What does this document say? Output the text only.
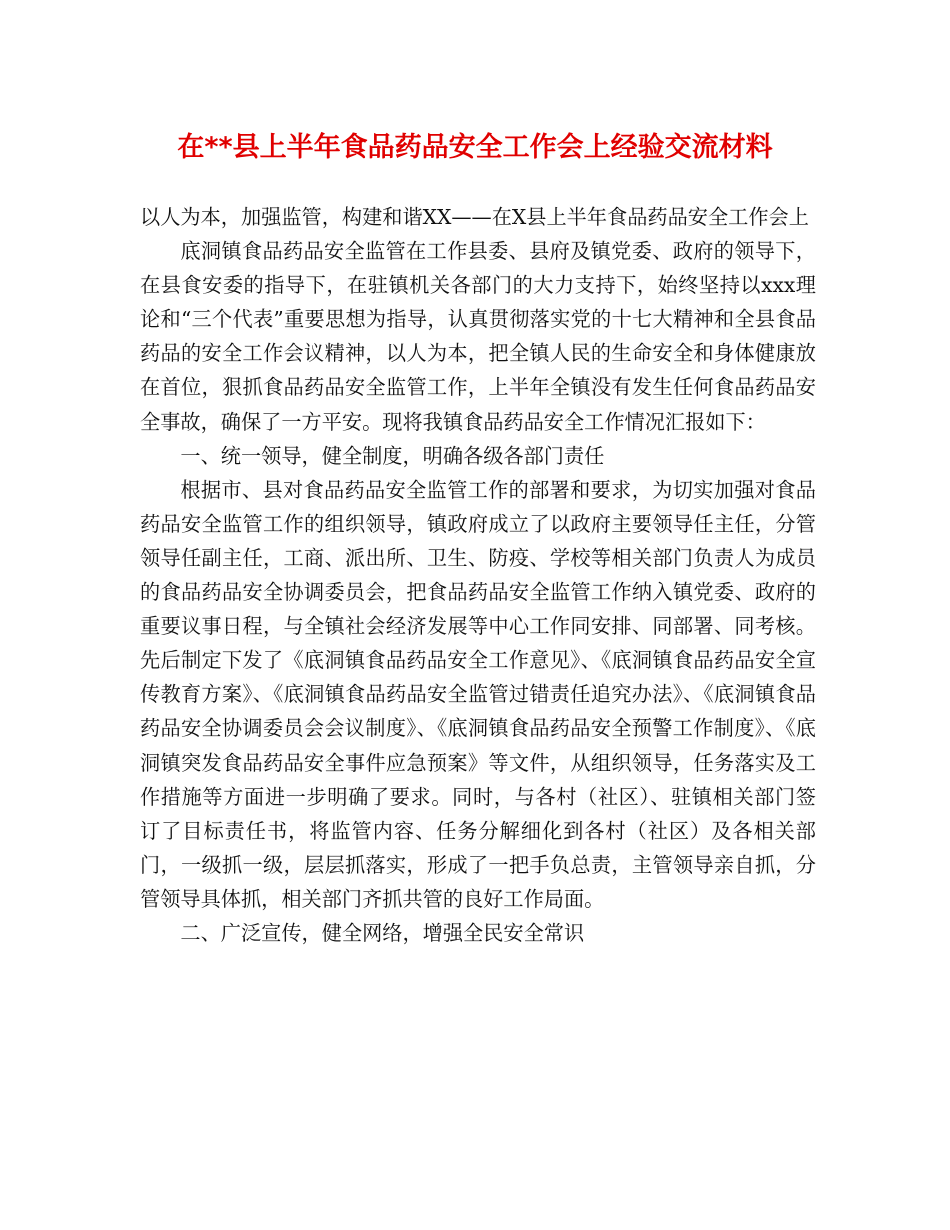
在**县上半年食品药品安全工作会上经验交流材料

以人为本，加强监管，构建和谐XX——在X县上半年食品药品安全工作会上

底洞镇食品药品安全监管在工作县委、县府及镇党委、政府的领导下，在县食安委的指导下，在驻镇机关各部门的大力支持下，始终坚持以xxx理论和“三个代表”重要思想为指导，认真贯彻落实党的十七大精神和全县食品药品的安全工作会议精神，以人为本，把全镇人民的生命安全和身体健康放在首位，狠抓食品药品安全监管工作，上半年全镇没有发生任何食品药品安全事故，确保了一方平安。现将我镇食品药品安全工作情况汇报如下：

一、统一领导，健全制度，明确各级各部门责任

根据市、县对食品药品安全监管工作的部署和要求，为切实加强对食品药品安全监管工作的组织领导，镇政府成立了以政府主要领导任主任，分管领导任副主任，工商、派出所、卫生、防疫、学校等相关部门负责人为成员的食品药品安全协调委员会，把食品药品安全监管工作纳入镇党委、政府的重要议事日程，与全镇社会经济发展等中心工作同安排、同部署、同考核。先后制定下发了《底洞镇食品药品安全工作意见》、《底洞镇食品药品安全宣传教育方案》、《底洞镇食品药品安全监管过错责任追究办法》、《底洞镇食品药品安全协调委员会会议制度》、《底洞镇食品药品安全预警工作制度》、《底洞镇突发食品药品安全事件应急预案》等文件，从组织领导，任务落实及工作措施等方面进一步明确了要求。同时，与各村（社区）、驻镇相关部门签订了目标责任书，将监管内容、任务分解细化到各村（社区）及各相关部门，一级抓一级，层层抓落实，形成了一把手负总责，主管领导亲自抓，分管领导具体抓，相关部门齐抓共管的良好工作局面。

二、广泛宣传，健全网络，增强全民安全常识
